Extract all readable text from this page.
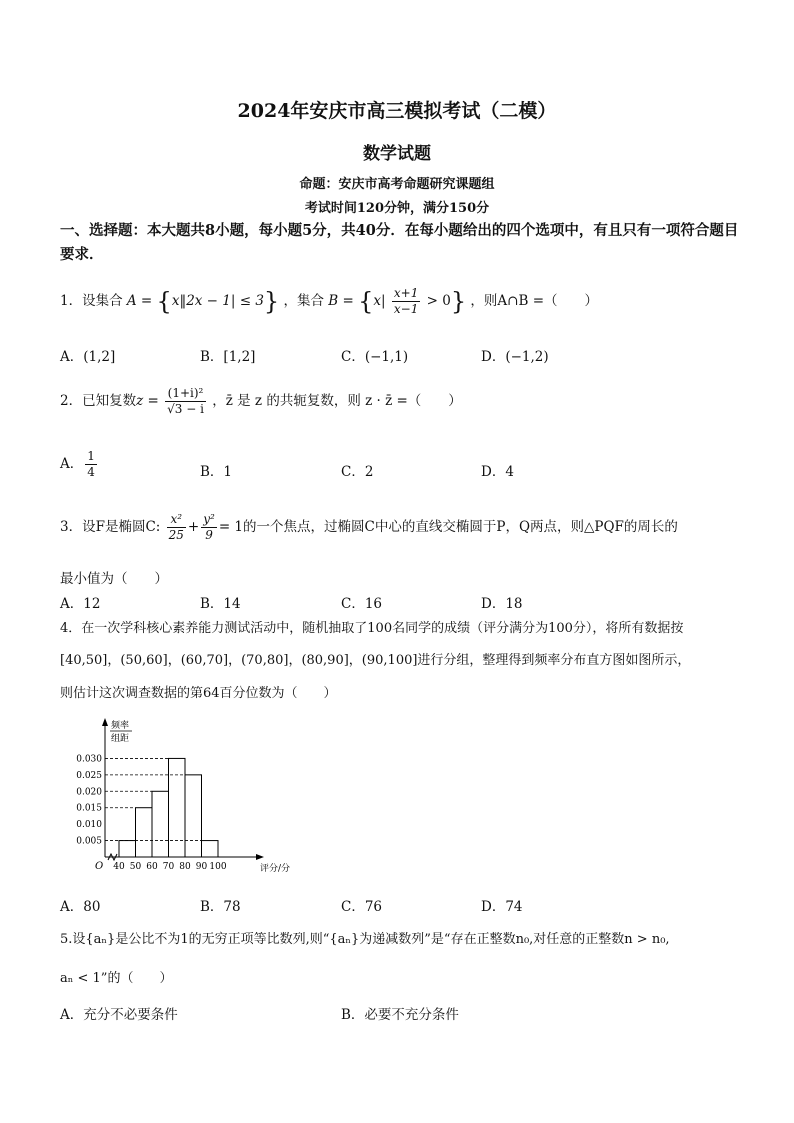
2024年安庆市高三模拟考试（二模）
数学试题
命题：安庆市高考命题研究课题组
考试时间120分钟，满分150分
一、选择题：本大题共8小题，每小题5分，共40分．在每小题给出的四个选项中，有且只有一项符合题目要求．
1．设集合 A = {x‖2x − 1| ≤ 3} ，集合 $B = \{x| \frac{x+1}{x-1} > 0\}$ ，则A∩B =（　　）
A．(1,2]	B．[1,2]	C．(−1,1)	D．(−1,2)
2．已知复数$z = \frac{\text{(1+i)²}}{√3 - i}$ ，z̄ 是 z 的共轭复数，则 z · z̄ =（　　）
A． $\frac{1}{4}$	B．1	C．2	D．4
3．设F是椭圆C: $\frac{\text{x²}}{25} + \frac{\text{y²}}{9} = 1$的一个焦点，过椭圆C中心的直线交椭圆于P，Q两点，则△PQF的周长的
最小值为（　　）
A．12	B．14	C．16	D．18
4．在一次学科核心素养能力测试活动中，随机抽取了100名同学的成绩（评分满分为100分），将所有数据按
[40,50]，(50,60]，(60,70]，(70,80]，(80,90]，(90,100]进行分组，整理得到频率分布直方图如图所示，
则估计这次调查数据的第64百分位数为（　　）
O
频率
组距
0.005
0.010
0.015
0.020
0.025
0.030
40 50 60 70 80 90 100	评分/分
A．80	B．78	C．76	D．74
5.设{aₙ}是公比不为1的无穷正项等比数列,则“{aₙ}为递减数列”是“存在正整数n₀,对任意的正整数n > n₀,
aₙ < 1”的（　　）
A．充分不必要条件	B．必要不充分条件
